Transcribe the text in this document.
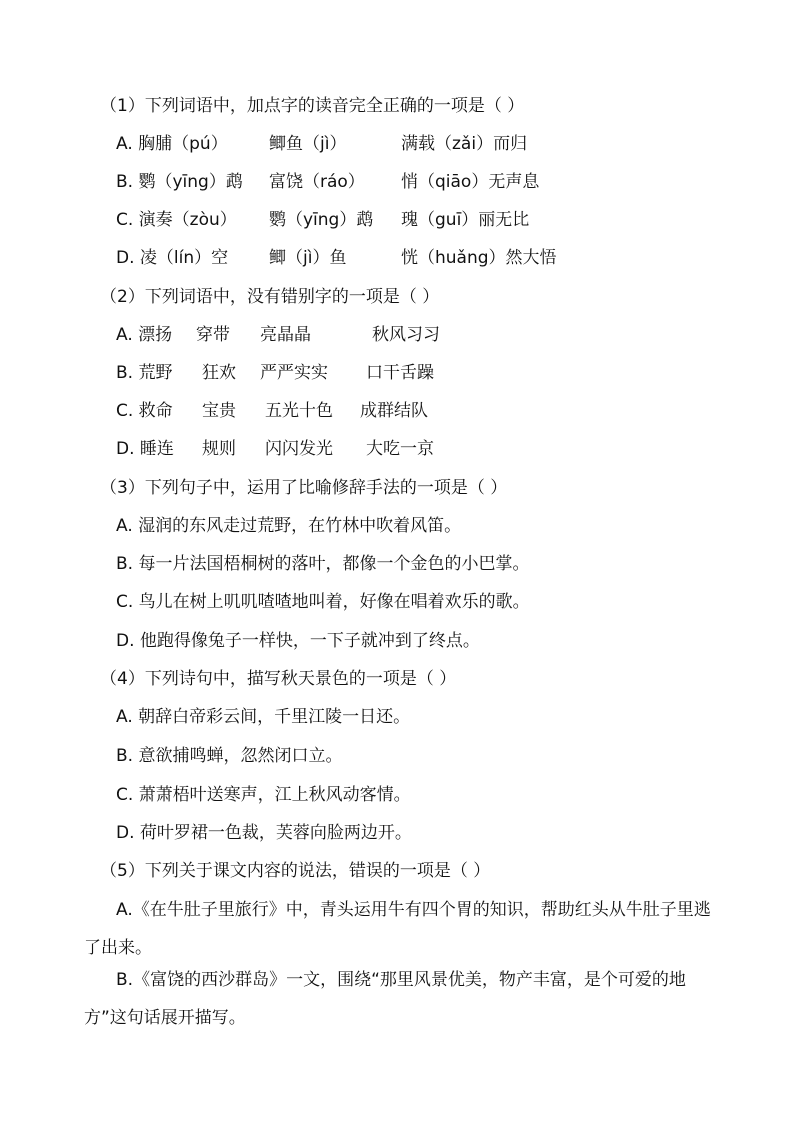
（1）下列词语中，加点字的读音完全正确的一项是（ ）
A. 胸脯（pú） 鲫鱼（jì）	满载（zǎi）而归
B. 鹦（yīng）鹉 富饶（ráo） 悄（qiāo）无声息
C. 演奏（zòu） 鹦（yīng）鹉 瑰（guī）丽无比
D. 凌（lín）空 鲫（jì）鱼	恍（huǎng）然大悟
（2）下列词语中，没有错别字的一项是（ ）
A. 漂扬 穿带 亮晶晶	秋风习习
B. 荒野 狂欢 严严实实 口干舌躁
C. 救命 宝贵 五光十色 成群结队
D. 睡连 规则 闪闪发光 大吃一京
（3）下列句子中，运用了比喻修辞手法的一项是（ ）
A. 湿润的东风走过荒野，在竹林中吹着风笛。
B. 每一片法国梧桐树的落叶，都像一个金色的小巴掌。
C. 鸟儿在树上叽叽喳喳地叫着，好像在唱着欢乐的歌。
D. 他跑得像兔子一样快，一下子就冲到了终点。
（4）下列诗句中，描写秋天景色的一项是（ ）
A. 朝辞白帝彩云间，千里江陵一日还。
B. 意欲捕鸣蝉，忽然闭口立。
C. 萧萧梧叶送寒声，江上秋风动客情。
D. 荷叶罗裙一色裁，芙蓉向脸两边开。
（5）下列关于课文内容的说法，错误的一项是（ ）
A.《在牛肚子里旅行》中，青头运用牛有四个胃的知识，帮助红头从牛肚子里逃了出来。
B.《富饶的西沙群岛》一文，围绕“那里风景优美，物产丰富，是个可爱的地方”这句话展开描写。
